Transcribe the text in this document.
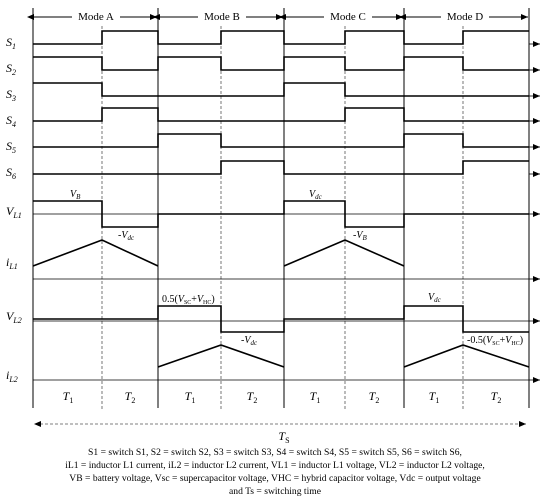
Mode A	Mode B	Mode C	Mode D
$S_1$
$S_2$
$S_3$
$S_4$
$S_5$
$S_6$
$V_{L1}$
$i_{L1}$
$V_{L2}$
$i_{L2}$
$V_B$
$-V_{dc}$
$V_{dc}$
$-V_B$
$0.5(V_{SC}+V_{HC})$
$-V_{dc}$
$V_{dc}$
$-0.5(V_{SC}+V_{HC})$
$T_1$	$T_2$	$T_1$	$T_2$	$T_1$	$T_2$	$T_1$	$T_2$
$T_S$
S1 = switch S1, S2 = switch S2, S3 = switch S3, S4 = switch S4, S5 = switch S5, S6 = switch S6,
iL1 = inductor L1 current, iL2 = inductor L2 current, VL1 = inductor L1 voltage, VL2 = inductor L2 voltage,
VB = battery voltage, Vsc = supercapacitor voltage, VHC = hybrid capacitor voltage, Vdc = output voltage
and Ts = switching time
